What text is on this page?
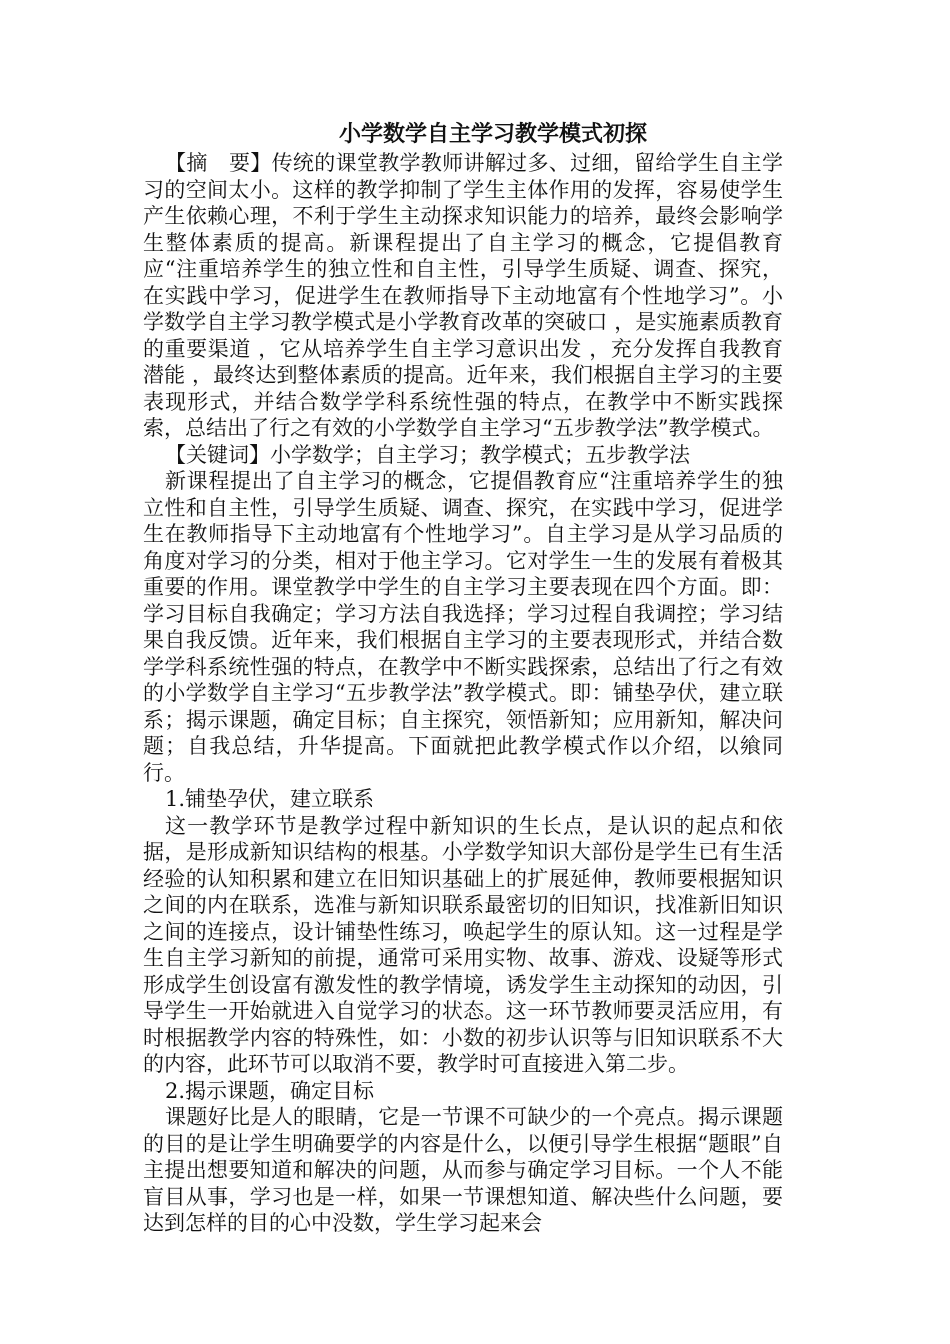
小学数学自主学习教学模式初探

【摘　要】传统的课堂教学教师讲解过多、过细，留给学生自主学习的空间太小。这样的教学抑制了学生主体作用的发挥，容易使学生产生依赖心理，不利于学生主动探求知识能力的培养，最终会影响学生整体素质的提高。新课程提出了自主学习的概念，它提倡教育应“注重培养学生的独立性和自主性，引导学生质疑、调查、探究，在实践中学习，促进学生在教师指导下主动地富有个性地学习”。小学数学自主学习教学模式是小学教育改革的突破口 ，是实施素质教育的重要渠道 ，它从培养学生自主学习意识出发 ，充分发挥自我教育潜能 ，最终达到整体素质的提高。近年来，我们根据自主学习的主要表现形式，并结合数学学科系统性强的特点，在教学中不断实践探索，总结出了行之有效的小学数学自主学习“五步教学法”教学模式。

【关键词】小学数学；自主学习；教学模式；五步教学法

新课程提出了自主学习的概念，它提倡教育应“注重培养学生的独立性和自主性，引导学生质疑、调查、探究，在实践中学习，促进学生在教师指导下主动地富有个性地学习”。自主学习是从学习品质的角度对学习的分类，相对于他主学习。它对学生一生的发展有着极其重要的作用。课堂教学中学生的自主学习主要表现在四个方面。即：学习目标自我确定；学习方法自我选择；学习过程自我调控；学习结果自我反馈。近年来，我们根据自主学习的主要表现形式，并结合数学学科系统性强的特点，在教学中不断实践探索，总结出了行之有效的小学数学自主学习“五步教学法”教学模式。即：铺垫孕伏，建立联系；揭示课题，确定目标；自主探究，领悟新知；应用新知，解决问题；自我总结，升华提高。下面就把此教学模式作以介绍，以飨同行。

1.铺垫孕伏，建立联系

这一教学环节是教学过程中新知识的生长点，是认识的起点和依据，是形成新知识结构的根基。小学数学知识大部份是学生已有生活经验的认知积累和建立在旧知识基础上的扩展延伸，教师要根据知识之间的内在联系，选准与新知识联系最密切的旧知识，找准新旧知识之间的连接点，设计铺垫性练习，唤起学生的原认知。这一过程是学生自主学习新知的前提，通常可采用实物、故事、游戏、设疑等形式形成学生创设富有激发性的教学情境，诱发学生主动探知的动因，引导学生一开始就进入自觉学习的状态。这一环节教师要灵活应用，有时根据教学内容的特殊性，如：小数的初步认识等与旧知识联系不大的内容，此环节可以取消不要，教学时可直接进入第二步。

2.揭示课题，确定目标

课题好比是人的眼睛，它是一节课不可缺少的一个亮点。揭示课题的目的是让学生明确要学的内容是什么，以便引导学生根据“题眼”自主提出想要知道和解决的问题，从而参与确定学习目标。一个人不能盲目从事，学习也是一样，如果一节课想知道、解决些什么问题，要达到怎样的目的心中没数，学生学习起来会
